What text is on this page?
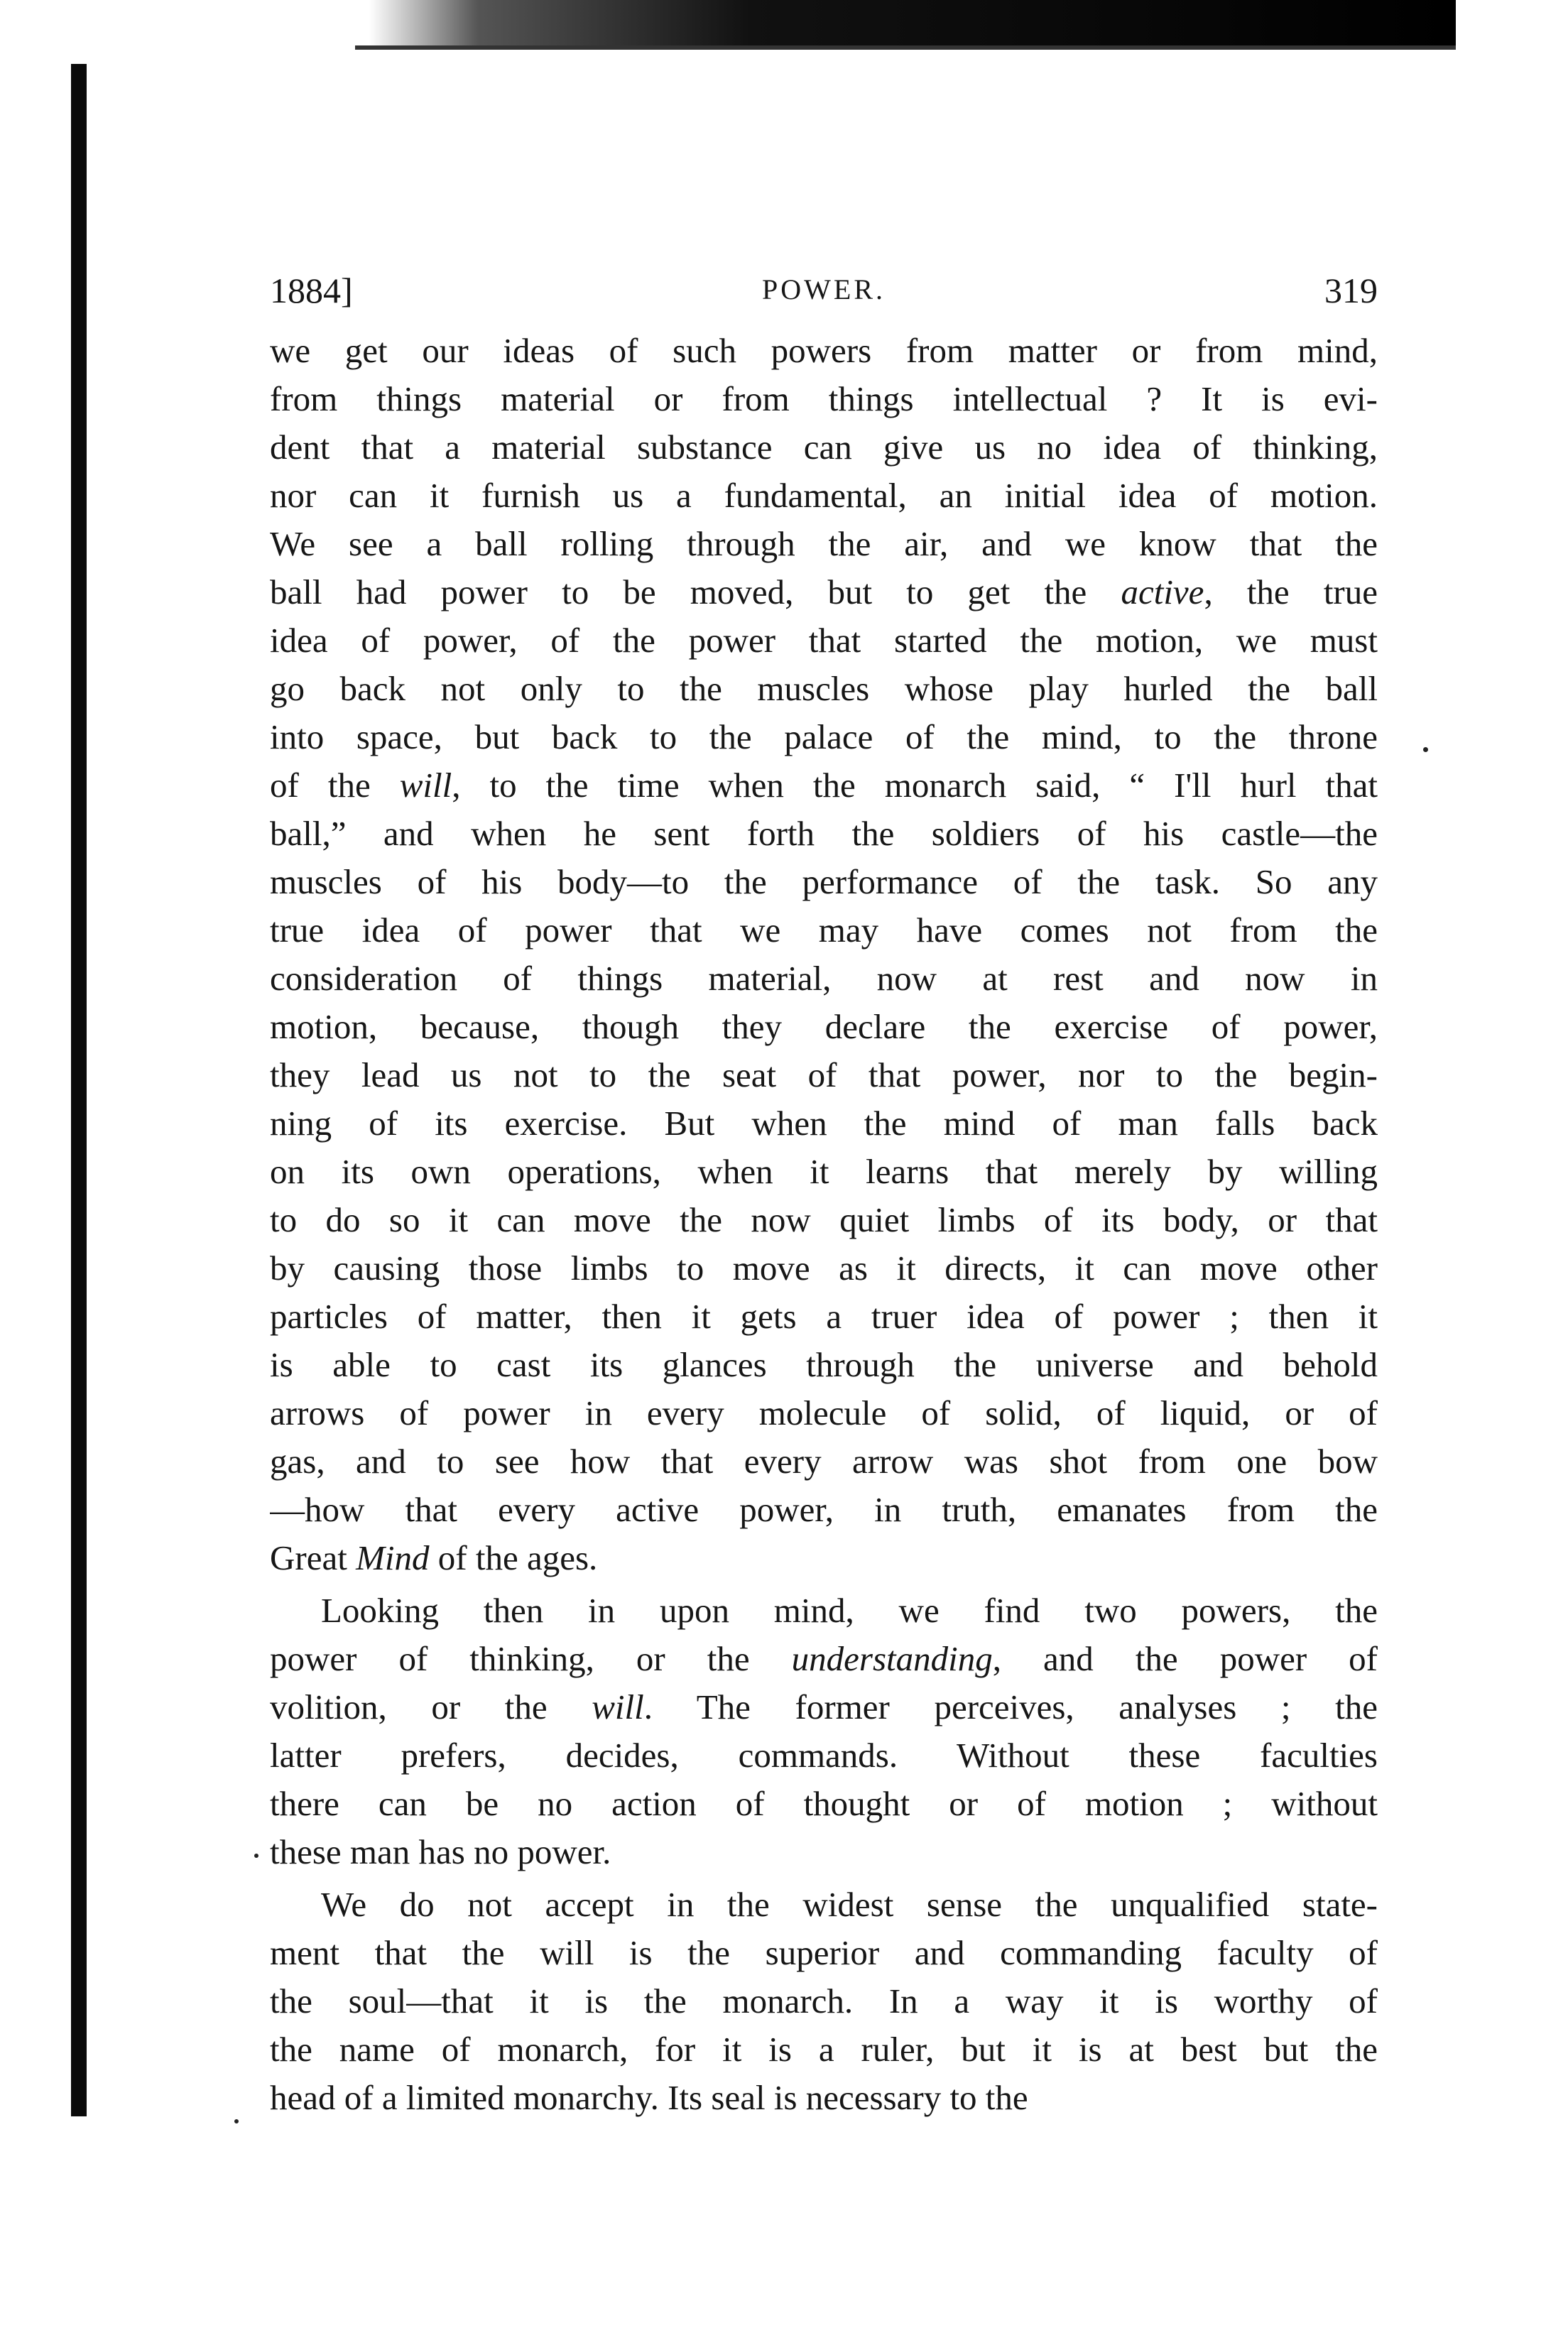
1884]	POWER.	319
we get our ideas of such powers from matter or from mind,
from things material or from things intellectual ? It is evi-
dent that a material substance can give us no idea of thinking,
nor can it furnish us a fundamental, an initial idea of motion.
We see a ball rolling through the air, and we know that the
ball had power to be moved, but to get the active, the true
idea of power, of the power that started the motion, we must
go back not only to the muscles whose play hurled the ball
into space, but back to the palace of the mind, to the throne
of the will, to the time when the monarch said, “ I'll hurl that
ball,” and when he sent forth the soldiers of his castle—the
muscles of his body—to the performance of the task. So any
true idea of power that we may have comes not from the
consideration of things material, now at rest and now in
motion, because, though they declare the exercise of power,
they lead us not to the seat of that power, nor to the begin-
ning of its exercise. But when the mind of man falls back
on its own operations, when it learns that merely by willing
to do so it can move the now quiet limbs of its body, or that
by causing those limbs to move as it directs, it can move other
particles of matter, then it gets a truer idea of power ; then it
is able to cast its glances through the universe and behold
arrows of power in every molecule of solid, of liquid, or of
gas, and to see how that every arrow was shot from one bow
—how that every active power, in truth, emanates from the
Great Mind of the ages.
Looking then in upon mind, we find two powers, the
power of thinking, or the understanding, and the power of
volition, or the will. The former perceives, analyses ; the
latter prefers, decides, commands. Without these faculties
there can be no action of thought or of motion ; without
these man has no power.
We do not accept in the widest sense the unqualified state-
ment that the will is the superior and commanding faculty of
the soul—that it is the monarch. In a way it is worthy of
the name of monarch, for it is a ruler, but it is at best but the
head of a limited monarchy. Its seal is necessary to the
